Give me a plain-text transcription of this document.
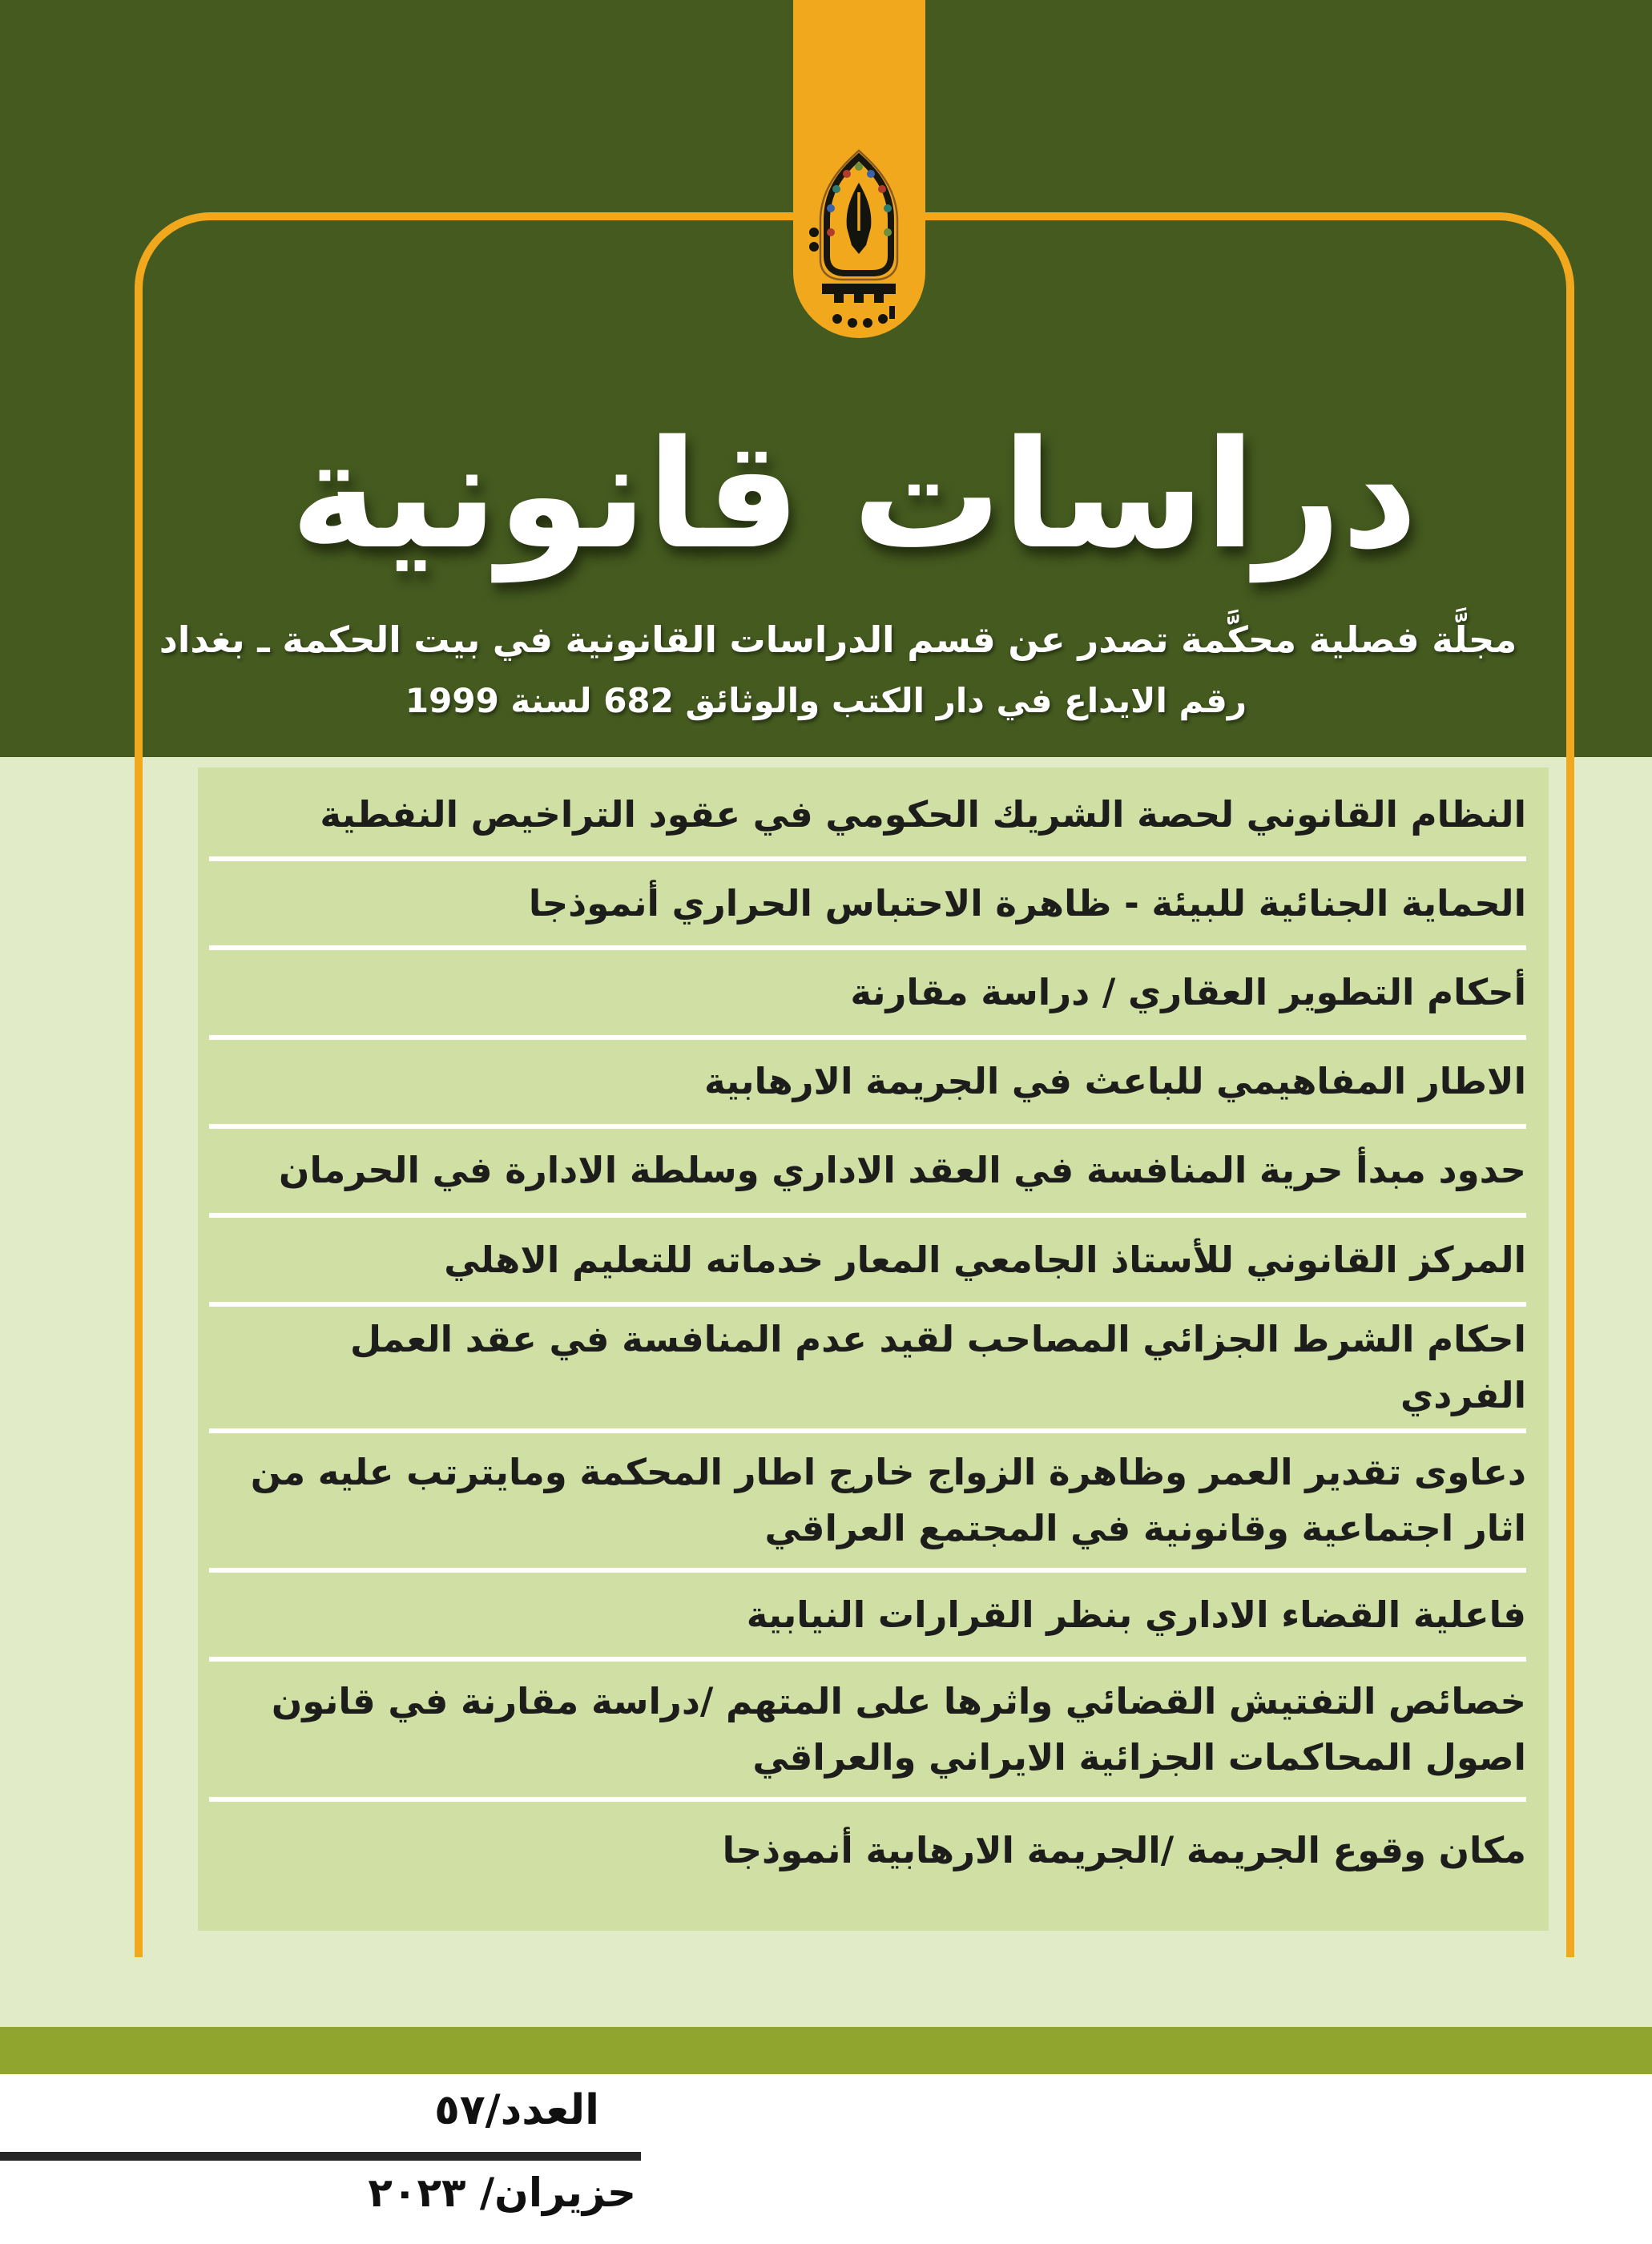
دراسات قانونية
مجلَّة فصلية محكَّمة تصدر عن قسم الدراسات القانونية في بيت الحكمة ـ بغداد
رقم الايداع في دار الكتب والوثائق 682 لسنة 1999
النظام القانوني لحصة الشريك الحكومي في عقود التراخيص النفطية
الحماية الجنائية للبيئة - ظاهرة الاحتباس الحراري أنموذجا
أحكام التطوير العقاري / دراسة مقارنة
الاطار المفاهيمي للباعث في الجريمة الارهابية
حدود مبدأ حرية المنافسة في العقد الاداري وسلطة الادارة في الحرمان
المركز القانوني للأستاذ الجامعي المعار خدماته للتعليم الاهلي
احكام الشرط الجزائي المصاحب لقيد عدم المنافسة في عقد العمل الفردي
دعاوى تقدير العمر وظاهرة الزواج خارج اطار المحكمة ومايترتب عليه من اثار اجتماعية وقانونية في المجتمع العراقي
فاعلية القضاء الاداري بنظر القرارات النيابية
خصائص التفتيش القضائي واثرها على المتهم /دراسة مقارنة في قانون اصول المحاكمات الجزائية الايراني والعراقي
مكان وقوع الجريمة /الجريمة الارهابية أنموذجا
العدد/٥٧
حزيران/ ٢٠٢٣
